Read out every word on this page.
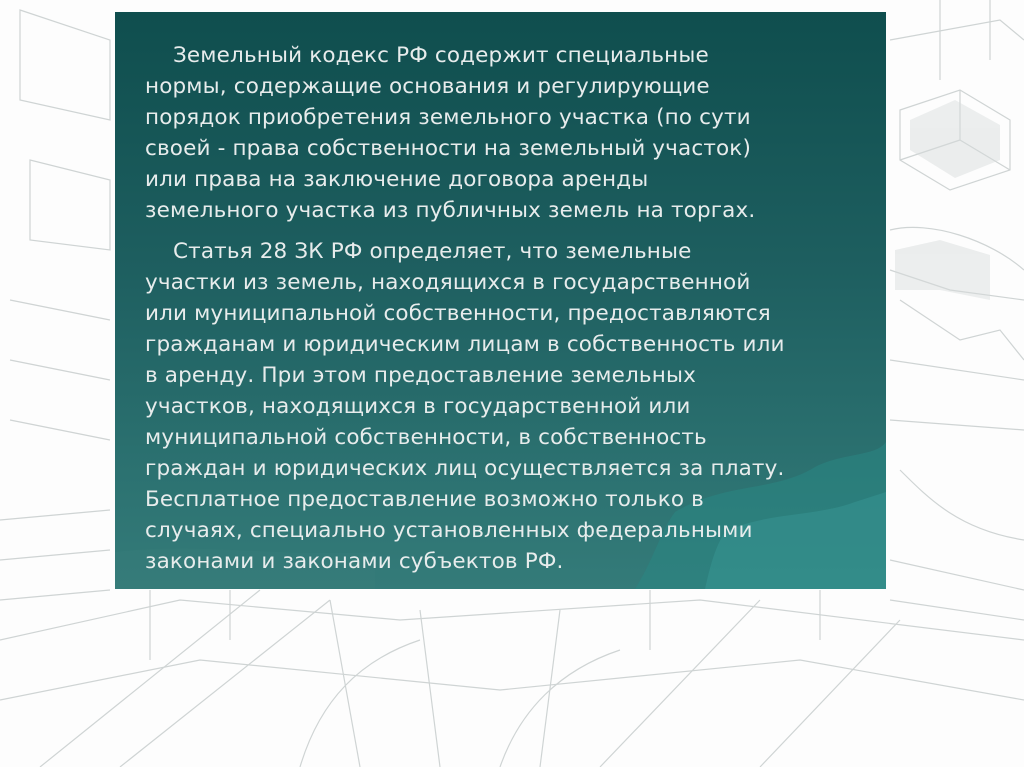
Земельный кодекс РФ содержит специальные
нормы, содержащие основания и регулирующие
порядок приобретения земельного участка (по сути
своей - права собственности на земельный участок)
или права на заключение договора аренды
земельного участка из публичных земель на торгах.

Статья 28 ЗК РФ определяет, что земельные
участки из земель, находящихся в государственной
или муниципальной собственности, предоставляются
гражданам и юридическим лицам в собственность или
в аренду. При этом предоставление земельных
участков, находящихся в государственной или
муниципальной собственности, в собственность
граждан и юридических лиц осуществляется за плату.
Бесплатное предоставление возможно только в
случаях, специально установленных федеральными
законами и законами субъектов РФ.
